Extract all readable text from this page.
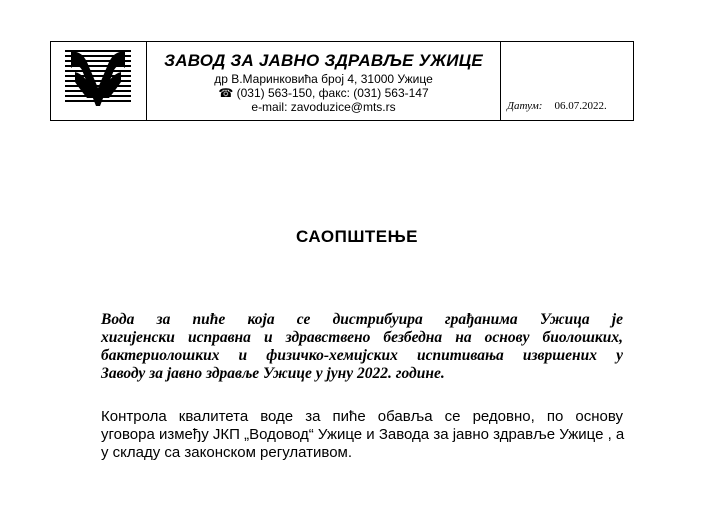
ЗАВОД ЗА ЈАВНО ЗДРАВЉЕ УЖИЦЕ
др В.Маринковића број 4, 31000 Ужице
☎ (031) 563-150, факс: (031) 563-147
e-mail: zavoduzice@mts.rs	Датум: 06.07.2022.
САОПШТЕЊЕ
Вода за пиће која се дистрибуира грађанима Ужица је
хигијенски исправна и здравствено безбедна на основу биолошких,
бактериолошких и физичко-хемијских испитивања извршених у
Заводу за јавно здравље Ужице у јуну 2022. године.
Контрола квалитета воде за пиће обавља се редовно, по основу
уговора између ЈКП „Водовод“ Ужице и Завода за јавно здравље Ужице , а
у складу са законском регулативом.
